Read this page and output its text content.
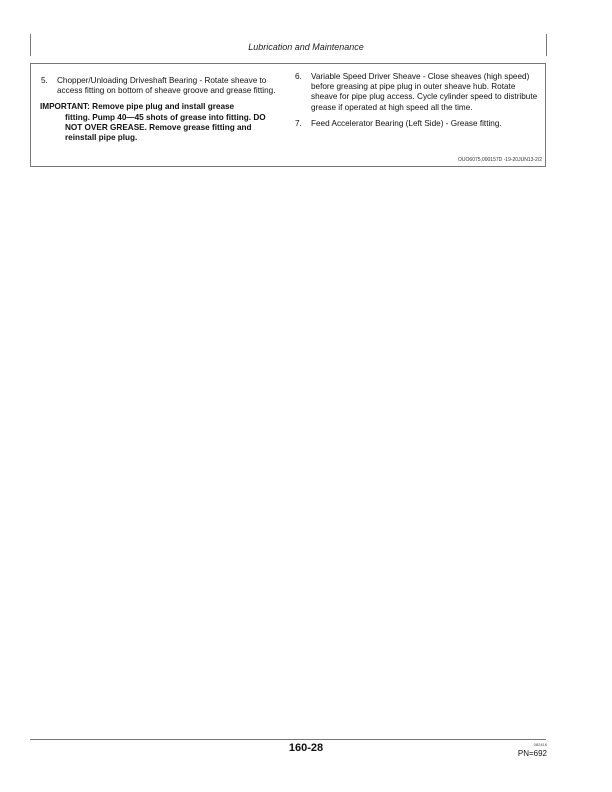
Lubrication and Maintenance
5. Chopper/Unloading Driveshaft Bearing - Rotate sheave to access fitting on bottom of sheave groove and grease fitting.
IMPORTANT: Remove pipe plug and install grease
fitting. Pump 40—45 shots of grease into fitting. DO NOT OVER GREASE. Remove grease fitting and reinstall pipe plug.
6. Variable Speed Driver Sheave - Close sheaves (high speed) before greasing at pipe plug in outer sheave hub. Rotate sheave for pipe plug access. Cycle cylinder speed to distribute grease if operated at high speed all the time.
7. Feed Accelerator Bearing (Left Side) - Grease fitting.
OUO6075,000157D -19-20JUN13-2/2
160-28	082416
PN=692
